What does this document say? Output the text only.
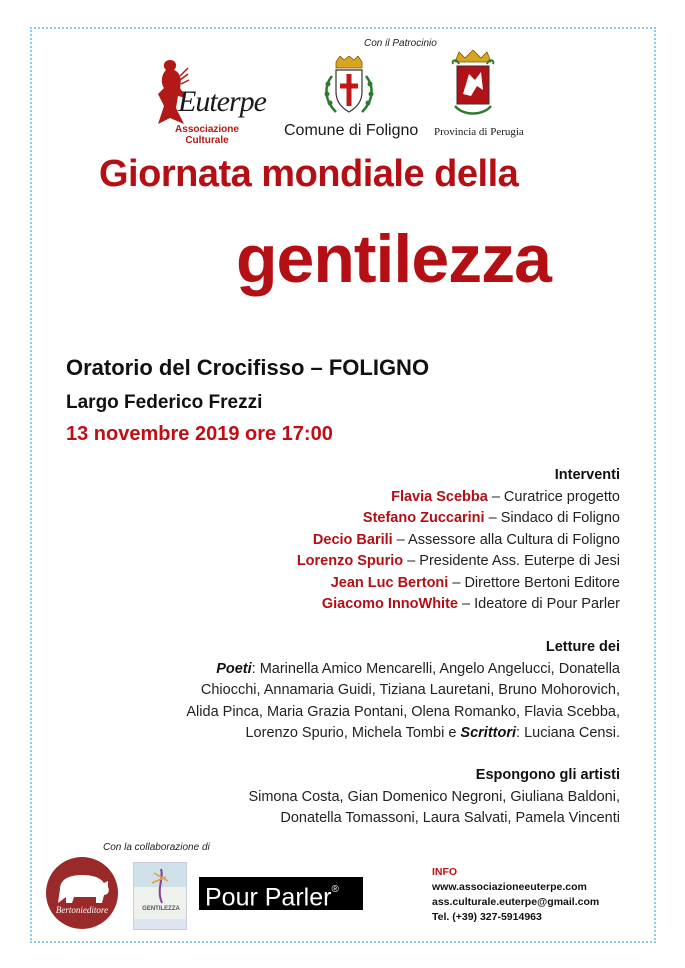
Con il Patrocinio
Euterpe
Associazione
Culturale
Comune di Foligno Provincia di Perugia
Giornata mondiale della
gentilezza
Oratorio del Crocifisso – FOLIGNO
Largo Federico Frezzi
13 novembre 2019 ore 17:00
Interventi
Flavia Scebba – Curatrice progetto
Stefano Zuccarini – Sindaco di Foligno
Decio Barili – Assessore alla Cultura di Foligno
Lorenzo Spurio – Presidente Ass. Euterpe di Jesi
Jean Luc Bertoni – Direttore Bertoni Editore
Giacomo InnoWhite – Ideatore di Pour Parler
Letture dei
Poeti: Marinella Amico Mencarelli, Angelo Angelucci, Donatella
Chiocchi, Annamaria Guidi, Tiziana Lauretani, Bruno Mohorovich,
Alida Pinca, Maria Grazia Pontani, Olena Romanko, Flavia Scebba,
Lorenzo Spurio, Michela Tombi e Scrittori: Luciana Censi.
Espongono gli artisti
Simona Costa, Gian Domenico Negroni, Giuliana Baldoni,
Donatella Tomassoni, Laura Salvati, Pamela Vincenti
Con la collaborazione di
Bertonieditore	GENTILEZZA Pour Parler®
INFO
www.associazioneeuterpe.com
ass.culturale.euterpe@gmail.com
Tel. (+39) 327-5914963
